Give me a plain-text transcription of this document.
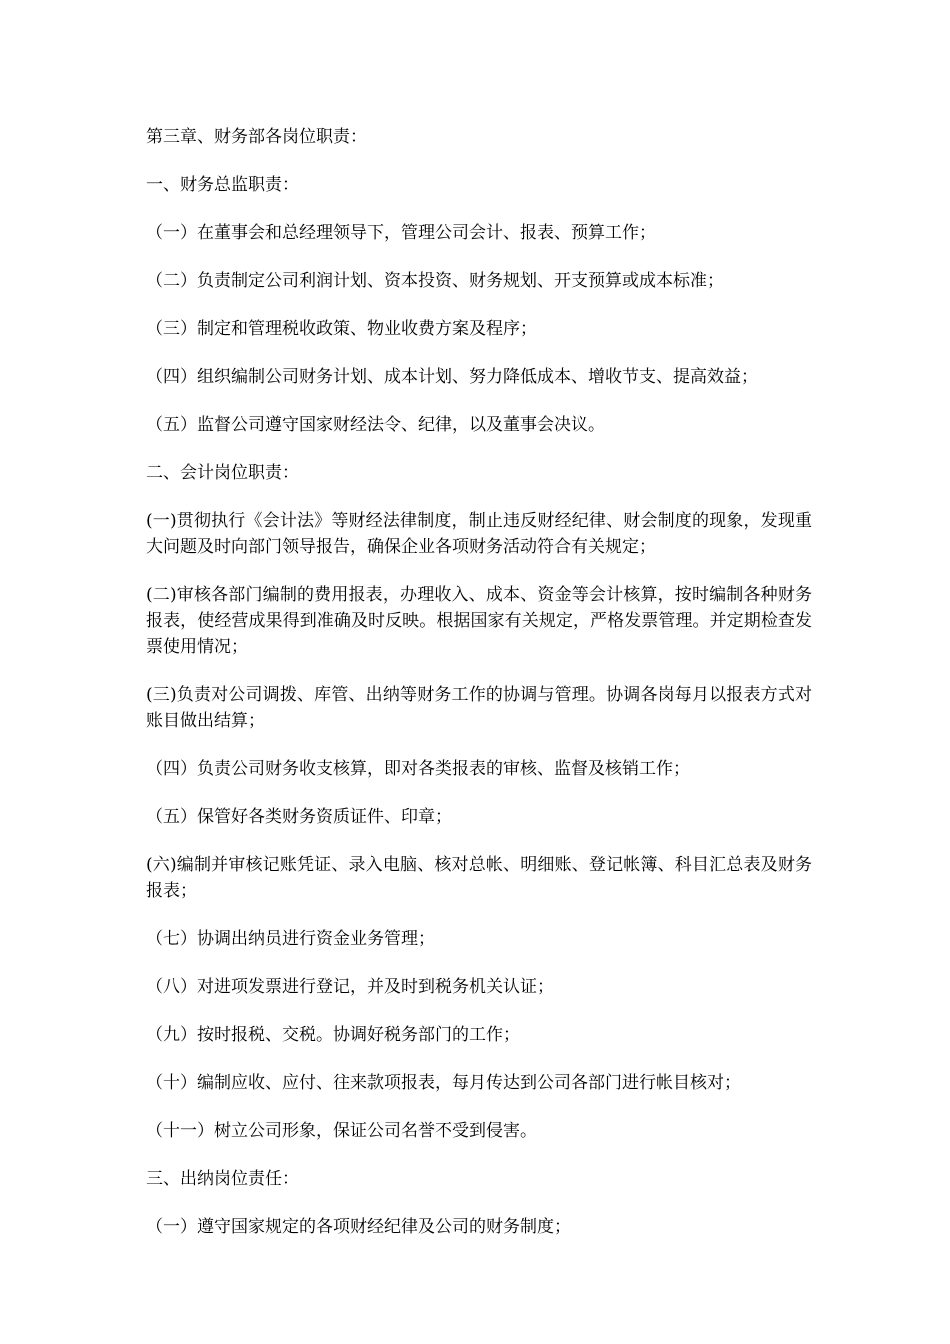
第三章、财务部各岗位职责：

一、财务总监职责：

（一）在董事会和总经理领导下，管理公司会计、报表、预算工作；

（二）负责制定公司利润计划、资本投资、财务规划、开支预算或成本标准；

（三）制定和管理税收政策、物业收费方案及程序；

（四）组织编制公司财务计划、成本计划、努力降低成本、增收节支、提高效益；

（五）监督公司遵守国家财经法令、纪律，以及董事会决议。

二、会计岗位职责：

(一)贯彻执行《会计法》等财经法律制度，制止违反财经纪律、财会制度的现象，发现重大问题及时向部门领导报告，确保企业各项财务活动符合有关规定；

(二)审核各部门编制的费用报表，办理收入、成本、资金等会计核算，按时编制各种财务报表，使经营成果得到准确及时反映。根据国家有关规定，严格发票管理。并定期检查发票使用情况；

(三)负责对公司调拨、库管、出纳等财务工作的协调与管理。协调各岗每月以报表方式对账目做出结算；

（四）负责公司财务收支核算，即对各类报表的审核、监督及核销工作；

（五）保管好各类财务资质证件、印章；

(六)编制并审核记账凭证、录入电脑、核对总帐、明细账、登记帐簿、科目汇总表及财务报表；

（七）协调出纳员进行资金业务管理；

（八）对进项发票进行登记，并及时到税务机关认证；

（九）按时报税、交税。协调好税务部门的工作；

（十）编制应收、应付、往来款项报表，每月传达到公司各部门进行帐目核对；

（十一）树立公司形象，保证公司名誉不受到侵害。

三、出纳岗位责任：

（一）遵守国家规定的各项财经纪律及公司的财务制度；
